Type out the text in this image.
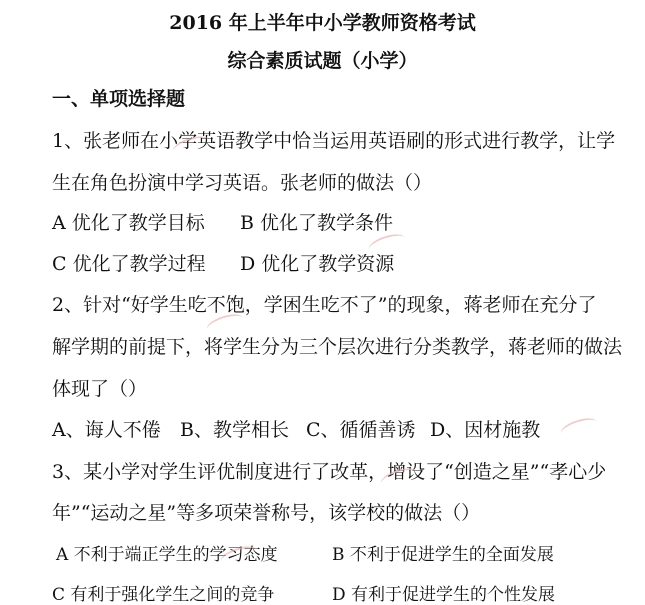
2016 年上半年中小学教师资格考试
综合素质试题（小学）
一、单项选择题
1、张老师在小学英语教学中恰当运用英语刷的形式进行教学，让学
生在角色扮演中学习英语。张老师的做法（）
A 优化了教学目标 B 优化了教学条件
C 优化了教学过程 D 优化了教学资源
2、针对“好学生吃不饱，学困生吃不了”的现象，蒋老师在充分了
解学期的前提下，将学生分为三个层次进行分类教学，蒋老师的做法
体现了（）
A、诲人不倦 B、教学相长 C、循循善诱 D、因材施教
3、某小学对学生评优制度进行了改革，增设了“创造之星”“孝心少
年”“运动之星”等多项荣誉称号，该学校的做法（）
A 不利于端正学生的学习态度	B 不利于促进学生的全面发展
C 有利于强化学生之间的竞争	D 有利于促进学生的个性发展
